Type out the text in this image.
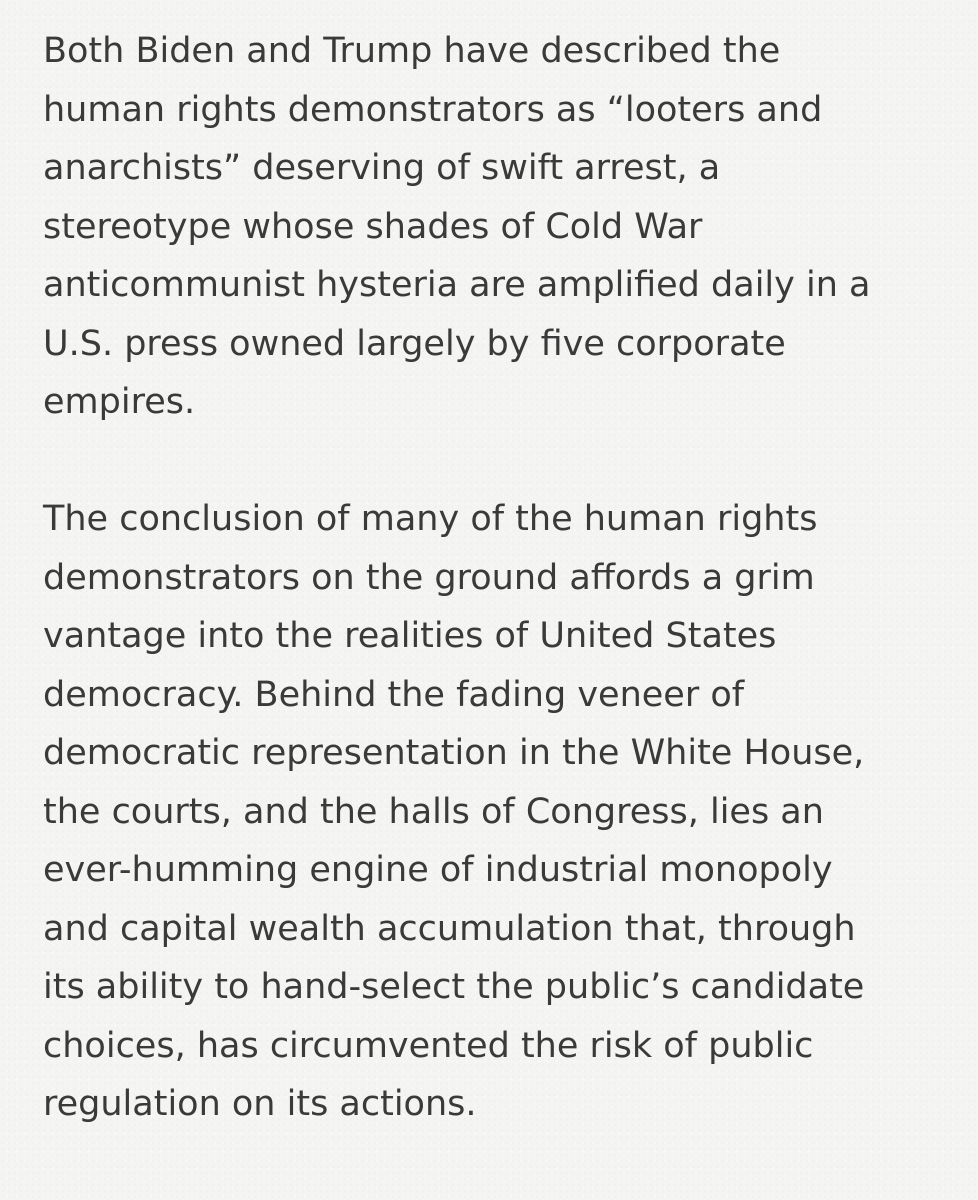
Both Biden and Trump have described the
human rights demonstrators as “looters and
anarchists” deserving of swift arrest, a
stereotype whose shades of Cold War
anticommunist hysteria are amplified daily in a
U.S. press owned largely by five corporate
empires.
The conclusion of many of the human rights
demonstrators on the ground affords a grim
vantage into the realities of United States
democracy. Behind the fading veneer of
democratic representation in the White House,
the courts, and the halls of Congress, lies an
ever-humming engine of industrial monopoly
and capital wealth accumulation that, through
its ability to hand-select the public’s candidate
choices, has circumvented the risk of public
regulation on its actions.
